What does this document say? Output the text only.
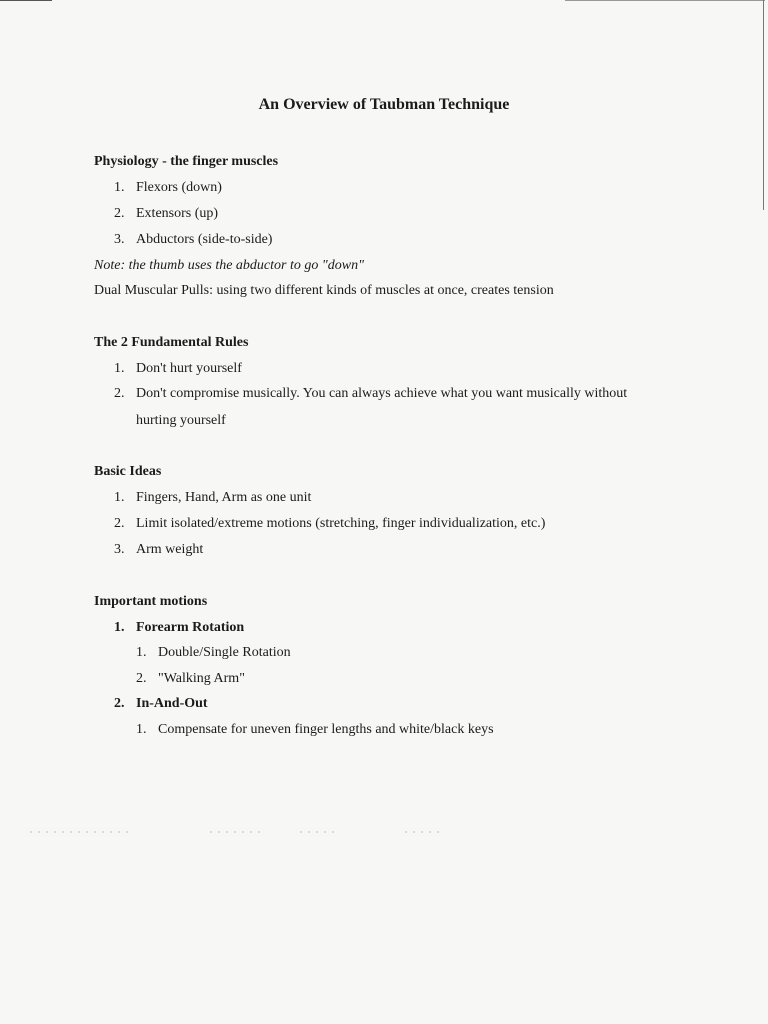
An Overview of Taubman Technique
Physiology - the finger muscles
1. Flexors (down)
2. Extensors (up)
3. Abductors (side-to-side)
Note: the thumb uses the abductor to go "down"
Dual Muscular Pulls: using two different kinds of muscles at once, creates tension
The 2 Fundamental Rules
1. Don't hurt yourself
2. Don't compromise musically. You can always achieve what you want musically without
hurting yourself
Basic Ideas
1. Fingers, Hand, Arm as one unit
2. Limit isolated/extreme motions (stretching, finger individualization, etc.)
3. Arm weight
Important motions
1. Forearm Rotation
1. Double/Single Rotation
2. "Walking Arm"
2. In-And-Out
1. Compensate for uneven finger lengths and white/black keys
